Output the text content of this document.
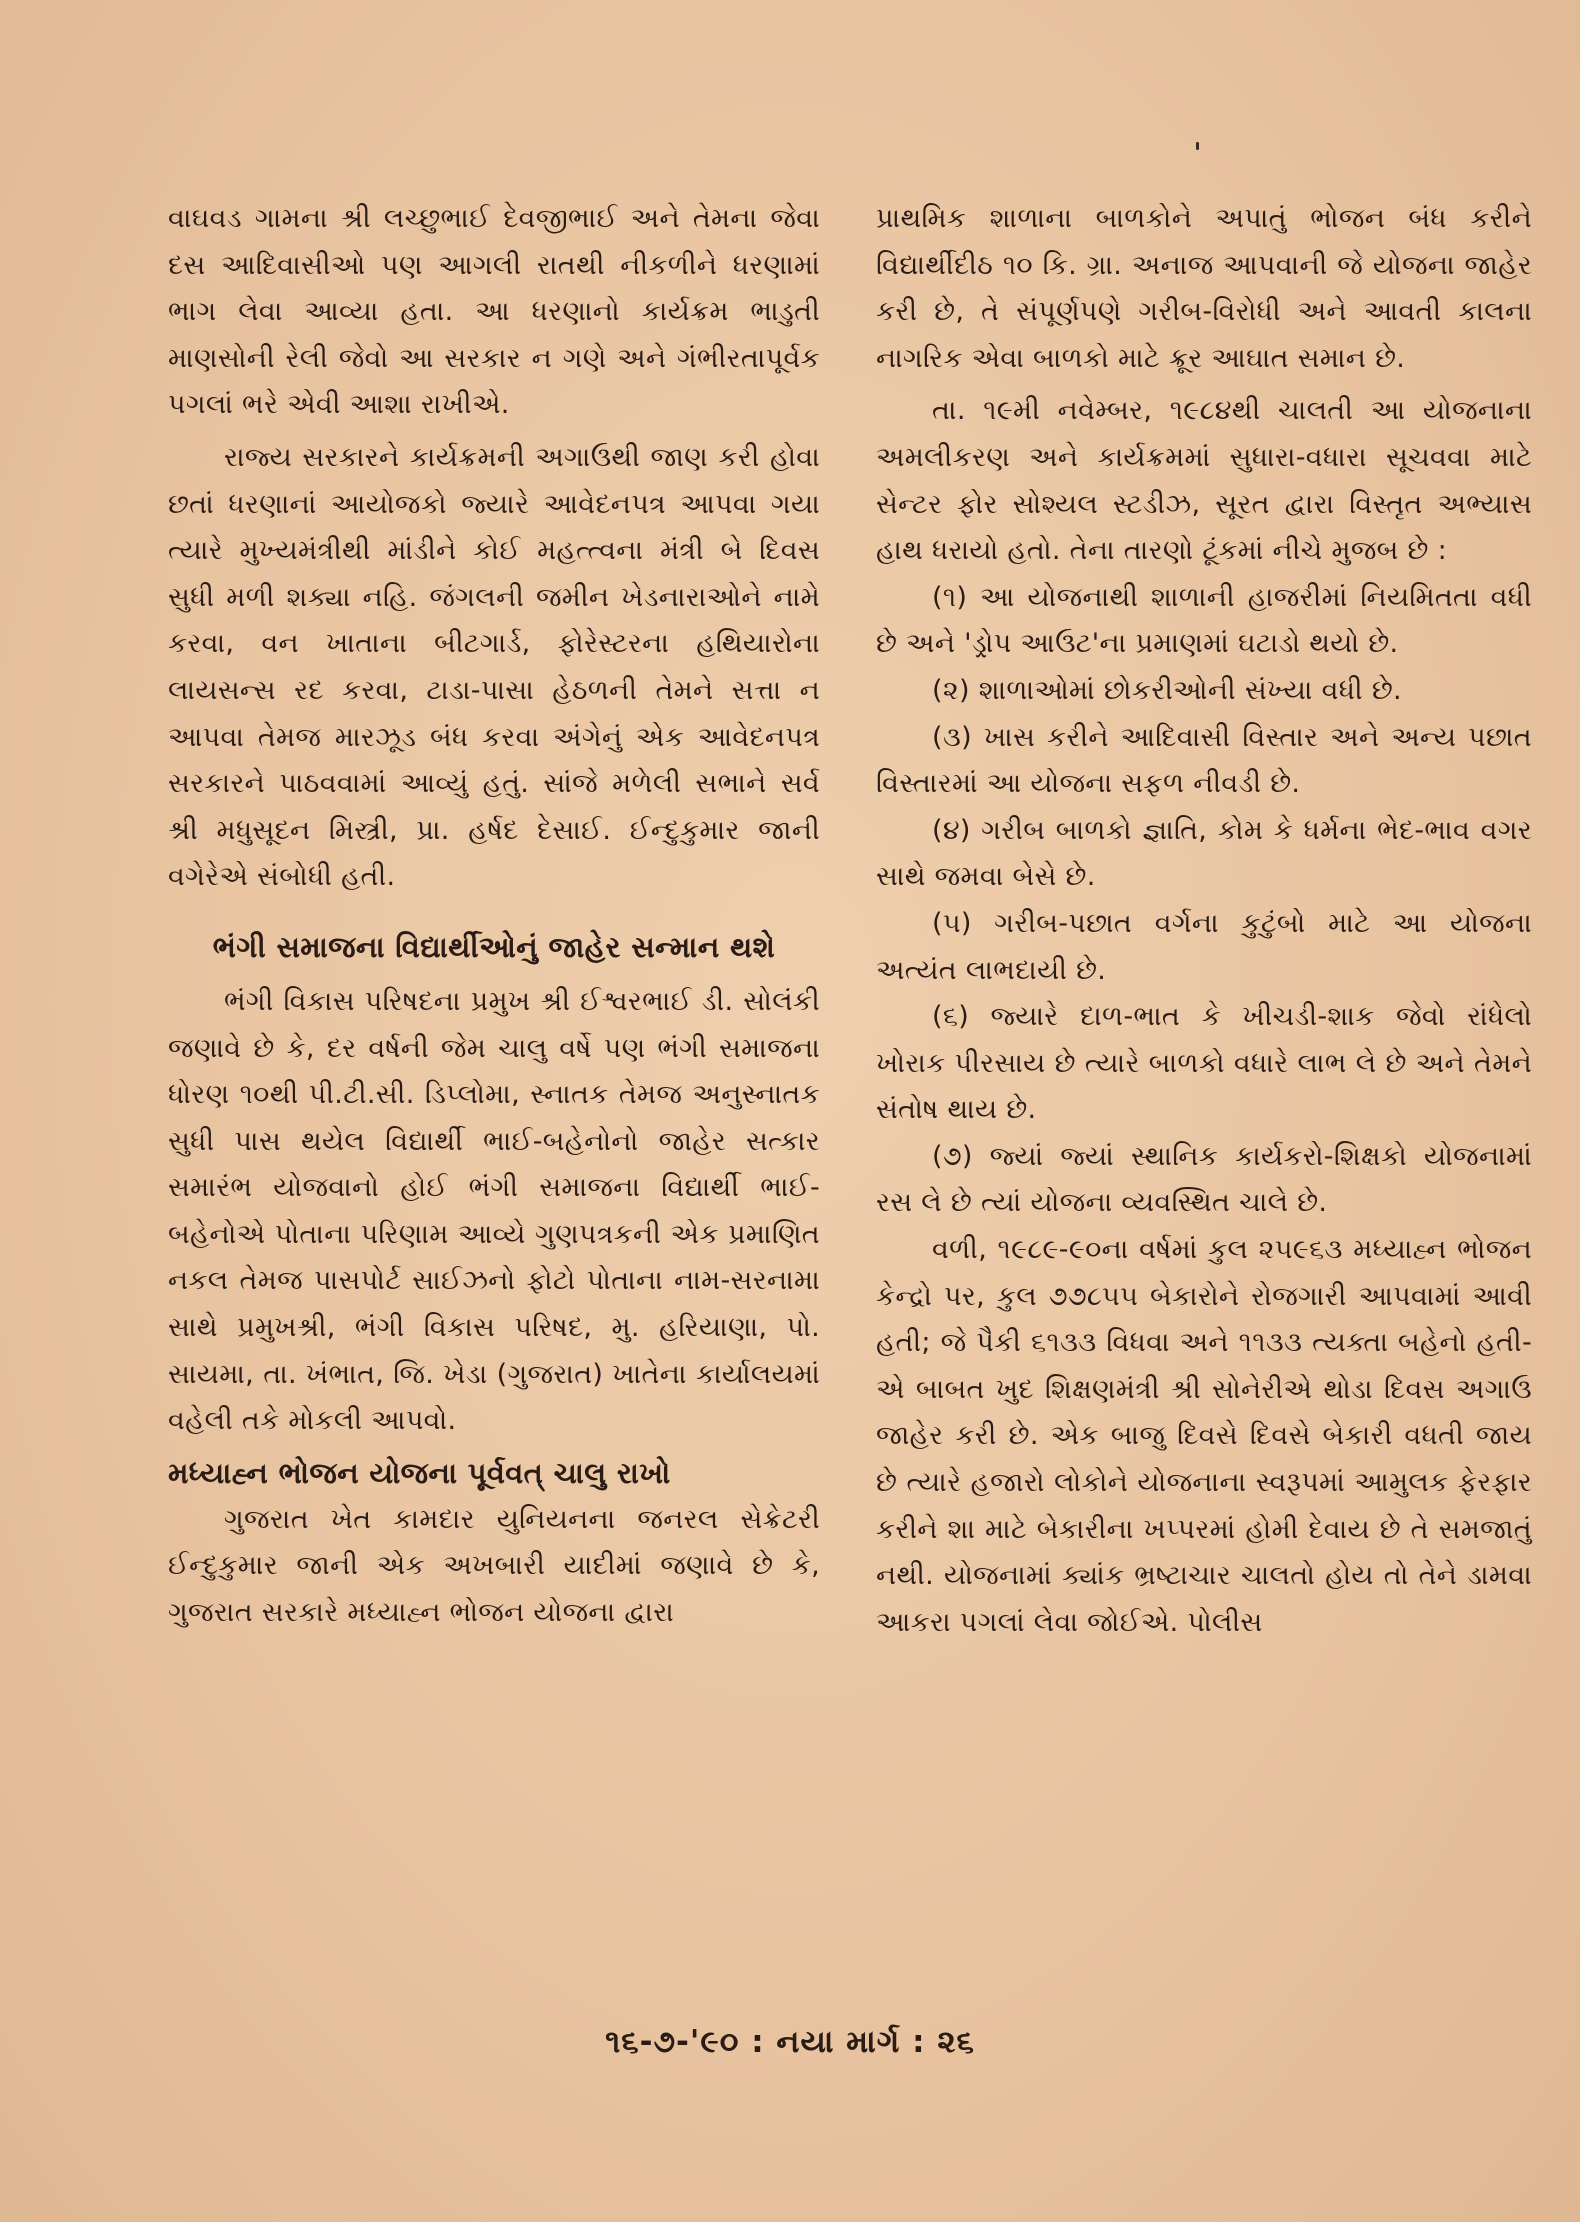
વાઘવડ ગામના શ્રી લચ્છુભાઈ દેવજીભાઈ અને તેમના જેવા દસ આદિવાસીઓ પણ આગલી રાતથી નીકળીને ધરણામાં ભાગ લેવા આવ્યા હતા. આ ધરણાનો કાર્યક્રમ ભાડુતી માણસોની રેલી જેવો આ સરકાર ન ગણે અને ગંભીરતાપૂર્વક પગલાં ભરે એવી આશા રાખીએ.

રાજ્ય સરકારને કાર્યક્રમની અગાઉથી જાણ કરી હોવા છતાં ધરણાનાં આયોજકો જ્યારે આવેદનપત્ર આપવા ગયા ત્યારે મુખ્યમંત્રીથી માંડીને કોઈ મહત્ત્વના મંત્રી બે દિવસ સુધી મળી શક્યા નહિ. જંગલની જમીન ખેડનારાઓને નામે કરવા, વન ખાતાના બીટગાર્ડ, ફોરેસ્ટરના હથિયારોના લાયસન્સ રદ કરવા, ટાડા-પાસા હેઠળની તેમને સત્તા ન આપવા તેમજ મારઝૂડ બંધ કરવા અંગેનું એક આવેદનપત્ર સરકારને પાઠવવામાં આવ્યું હતું. સાંજે મળેલી સભાને સર્વ શ્રી મધુસૂદન મિસ્ત્રી, પ્રા. હર્ષદ દેસાઈ. ઈન્દુકુમાર જાની વગેરેએ સંબોધી હતી.

ભંગી સમાજના વિદ્યાર્થીઓનું જાહેર સન્માન થશે

ભંગી વિકાસ પરિષદના પ્રમુખ શ્રી ઈશ્વરભાઈ ડી. સોલંકી જણાવે છે કે, દર વર્ષની જેમ ચાલુ વર્ષે પણ ભંગી સમાજના ધોરણ ૧૦થી પી.ટી.સી. ડિપ્લોમા, સ્નાતક તેમજ અનુસ્નાતક સુધી પાસ થયેલ વિદ્યાર્થી ભાઈ-બહેનોનો જાહેર સત્કાર સમારંભ યોજવાનો હોઈ ભંગી સમાજના વિદ્યાર્થી ભાઈ-બહેનોએ પોતાના પરિણામ આવ્યે ગુણપત્રકની એક પ્રમાણિત નકલ તેમજ પાસપોર્ટ સાઈઝનો ફોટો પોતાના નામ-સરનામા સાથે પ્રમુખશ્રી, ભંગી વિકાસ પરિષદ, મુ. હરિયાણા, પો. સાયમા, તા. ખંભાત, જિ. ખેડા (ગુજરાત) ખાતેના કાર્યાલયમાં વહેલી તકે મોકલી આપવો.

મધ્યાહ્ન ભોજન યોજના પૂર્વવત્ ચાલુ રાખો

ગુજરાત ખેત કામદાર યુનિયનના જનરલ સેક્રેટરી ઈન્દુકુમાર જાની એક અખબારી યાદીમાં જણાવે છે કે, ગુજરાત સરકારે મધ્યાહ્ન ભોજન યોજના દ્વારા

પ્રાથમિક શાળાના બાળકોને અપાતું ભોજન બંધ કરીને વિદ્યાર્થીદીઠ ૧૦ કિ. ગ્રા. અનાજ આપવાની જે યોજના જાહેર કરી છે, તે સંપૂર્ણપણે ગરીબ-વિરોધી અને આવતી કાલના નાગરિક એવા બાળકો માટે ક્રૂર આઘાત સમાન છે.

તા. ૧૯મી નવેમ્બર, ૧૯૮૪થી ચાલતી આ યોજનાના અમલીકરણ અને કાર્યક્રમમાં સુધારા-વધારા સૂચવવા માટે સેન્ટર ફોર સોશ્યલ સ્ટડીઝ, સૂરત દ્વારા વિસ્તૃત અભ્યાસ હાથ ધરાયો હતો. તેના તારણો ટૂંકમાં નીચે મુજબ છે :

(૧) આ યોજનાથી શાળાની હાજરીમાં નિયમિતતા વધી છે અને 'ડ્રોપ આઉટ'ના પ્રમાણમાં ઘટાડો થયો છે.

(૨) શાળાઓમાં છોકરીઓની સંખ્યા વધી છે.

(૩) ખાસ કરીને આદિવાસી વિસ્તાર અને અન્ય પછાત વિસ્તારમાં આ યોજના સફળ નીવડી છે.

(૪) ગરીબ બાળકો જ્ઞાતિ, કોમ કે ધર્મના ભેદ-ભાવ વગર સાથે જમવા બેસે છે.

(૫) ગરીબ-પછાત વર્ગના કુટુંબો માટે આ યોજના અત્યંત લાભદાયી છે.

(૬) જ્યારે દાળ-ભાત કે ખીચડી-શાક જેવો રાંધેલો ખોરાક પીરસાય છે ત્યારે બાળકો વધારે લાભ લે છે અને તેમને સંતોષ થાય છે.

(૭) જ્યાં જ્યાં સ્થાનિક કાર્યકરો-શિક્ષકો યોજનામાં રસ લે છે ત્યાં યોજના વ્યવસ્થિત ચાલે છે.

વળી, ૧૯૮૯-૯૦ના વર્ષમાં કુલ ૨૫૯૬૩ મધ્યાહ્ન ભોજન કેન્દ્રો પર, કુલ ૭૭૮૫૫ બેકારોને રોજગારી આપવામાં આવી હતી; જે પૈકી ૬૧૩૩ વિધવા અને ૧૧૩૩ ત્યક્તા બહેનો હતી-એ બાબત ખુદ શિક્ષણમંત્રી શ્રી સોનેરીએ થોડા દિવસ અગાઉ જાહેર કરી છે. એક બાજુ દિવસે દિવસે બેકારી વધતી જાય છે ત્યારે હજારો લોકોને યોજનાના સ્વરૂપમાં આમુલક ફેરફાર કરીને શા માટે બેકારીના ખપ્પરમાં હોમી દેવાય છે તે સમજાતું નથી. યોજનામાં ક્યાંક ભ્રષ્ટાચાર ચાલતો હોય તો તેને ડામવા આકરા પગલાં લેવા જોઈએ. પોલીસ

૧૬-૭-'૯૦ : નયા માર્ગ : ૨૬
